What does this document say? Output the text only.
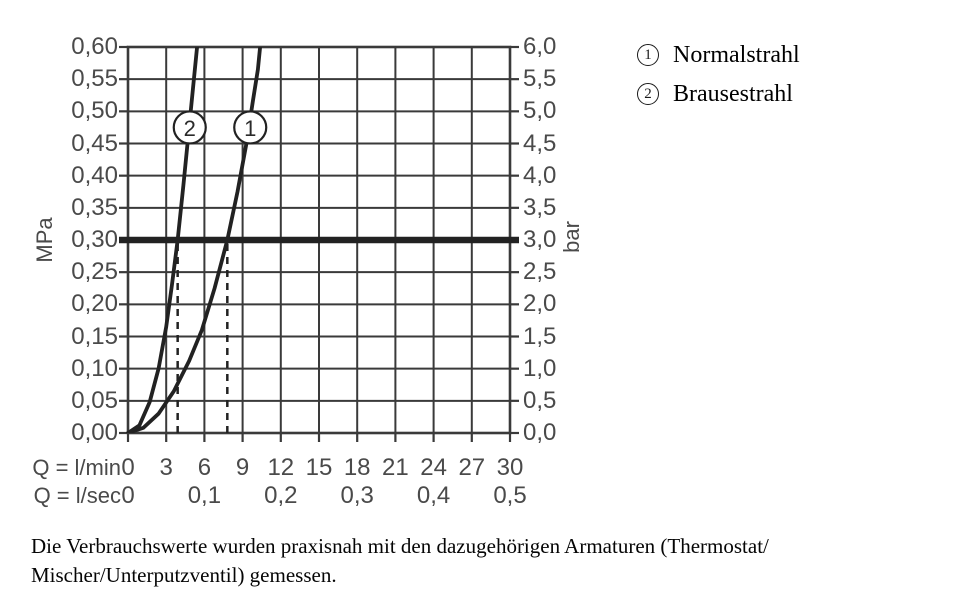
1
2
MPa	bar
0,60
0,55
0,50
0,45
0,40
0,35
0,30
0,25
0,20
0,15
0,10
0,05
0,00
6,0
5,5
5,0
4,5
4,0
3,5
3,0
2,5
2,0
1,5
1,0
0,5
0,0
0	3	6	9 12 15 18 21 24 27 30
0	0,1	0,2	0,3	0,4	0,5
Q = l/min
Q = l/sec
1 Normalstrahl
2 Brausestrahl
Die Verbrauchswerte wurden praxisnah mit den dazugehörigen Armaturen (Thermostat/
Mischer/Unterputzventil) gemessen.
